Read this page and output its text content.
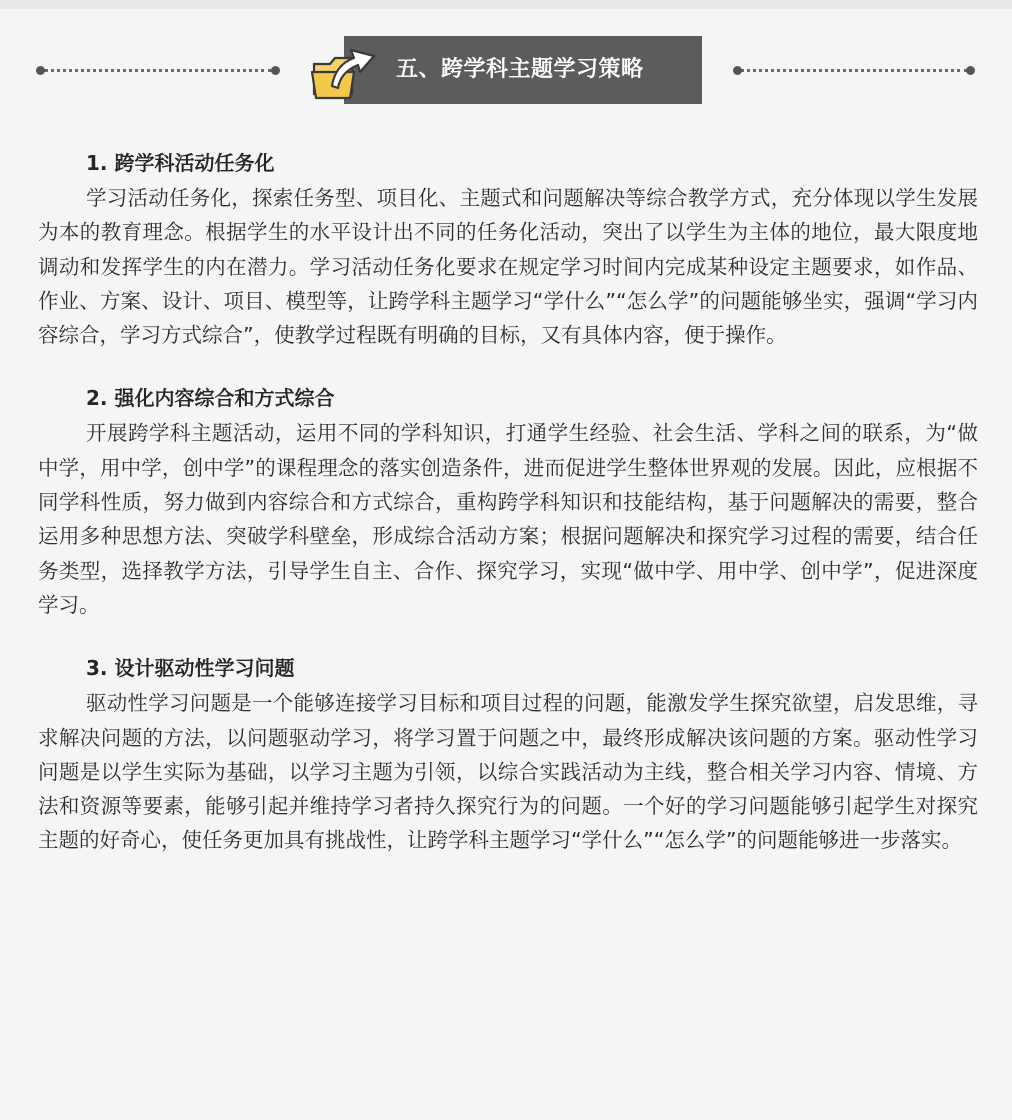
五、跨学科主题学习策略
1. 跨学科活动任务化

学习活动任务化，探索任务型、项目化、主题式和问题解决等综合教学方式，充分体现以学生发展为本的教育理念。根据学生的水平设计出不同的任务化活动，突出了以学生为主体的地位，最大限度地调动和发挥学生的内在潜力。学习活动任务化要求在规定学习时间内完成某种设定主题要求，如作品、作业、方案、设计、项目、模型等，让跨学科主题学习“学什么”“怎么学”的问题能够坐实，强调“学习内容综合，学习方式综合”，使教学过程既有明确的目标，又有具体内容，便于操作。

2. 强化内容综合和方式综合

开展跨学科主题活动，运用不同的学科知识，打通学生经验、社会生活、学科之间的联系，为“做中学，用中学，创中学”的课程理念的落实创造条件，进而促进学生整体世界观的发展。因此，应根据不同学科性质，努力做到内容综合和方式综合，重构跨学科知识和技能结构，基于问题解决的需要，整合运用多种思想方法、突破学科壁垒，形成综合活动方案；根据问题解决和探究学习过程的需要，结合任务类型，选择教学方法，引导学生自主、合作、探究学习，实现“做中学、用中学、创中学”，促进深度学习。

3. 设计驱动性学习问题

驱动性学习问题是一个能够连接学习目标和项目过程的问题，能激发学生探究欲望，启发思维，寻求解决问题的方法，以问题驱动学习，将学习置于问题之中，最终形成解决该问题的方案。驱动性学习问题是以学生实际为基础，以学习主题为引领，以综合实践活动为主线，整合相关学习内容、情境、方法和资源等要素，能够引起并维持学习者持久探究行为的问题。一个好的学习问题能够引起学生对探究主题的好奇心，使任务更加具有挑战性，让跨学科主题学习“学什么”“怎么学”的问题能够进一步落实。
